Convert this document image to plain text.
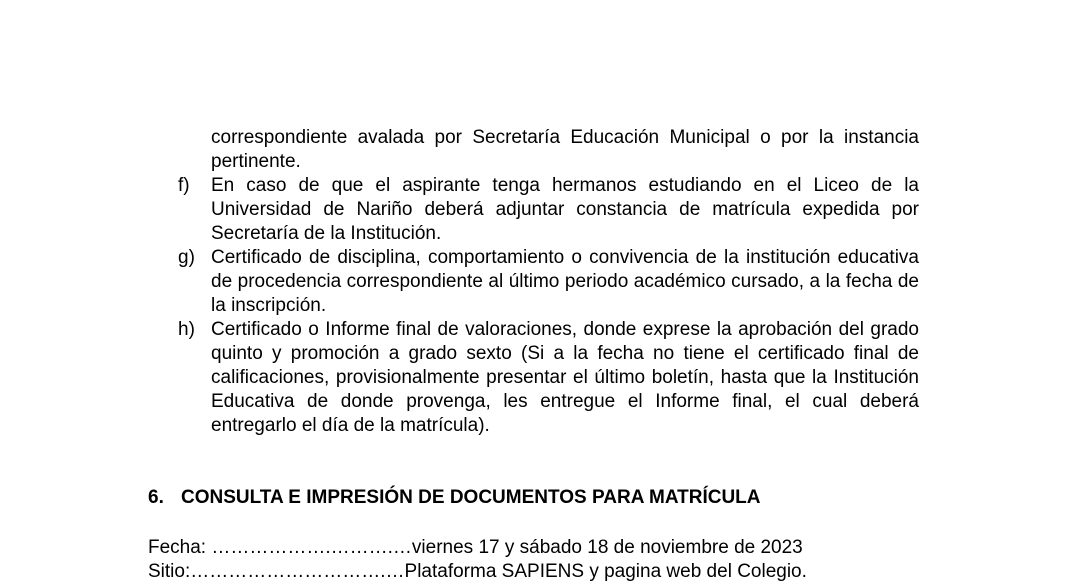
correspondiente avalada por Secretaría Educación Municipal o por la instancia pertinente.

f)	En caso de que el aspirante tenga hermanos estudiando en el Liceo de la Universidad de Nariño deberá adjuntar constancia de matrícula expedida por Secretaría de la Institución.
g) Certificado de disciplina, comportamiento o convivencia de la institución educativa de procedencia correspondiente al último periodo académico cursado, a la fecha de la inscripción.
h) Certificado o Informe final de valoraciones, donde exprese la aprobación del grado quinto y promoción a grado sexto (Si a la fecha no tiene el certificado final de calificaciones, provisionalmente presentar el último boletín, hasta que la Institución Educativa de donde provenga, les entregue el Informe final, el cual deberá entregarlo el día de la matrícula).

6. CONSULTA E IMPRESIÓN DE DOCUMENTOS PARA MATRÍCULA

Fecha: ……………….……….…viernes 17 y sábado 18 de noviembre de 2023

Sitio:………………………….…Plataforma SAPIENS y pagina web del Colegio.
